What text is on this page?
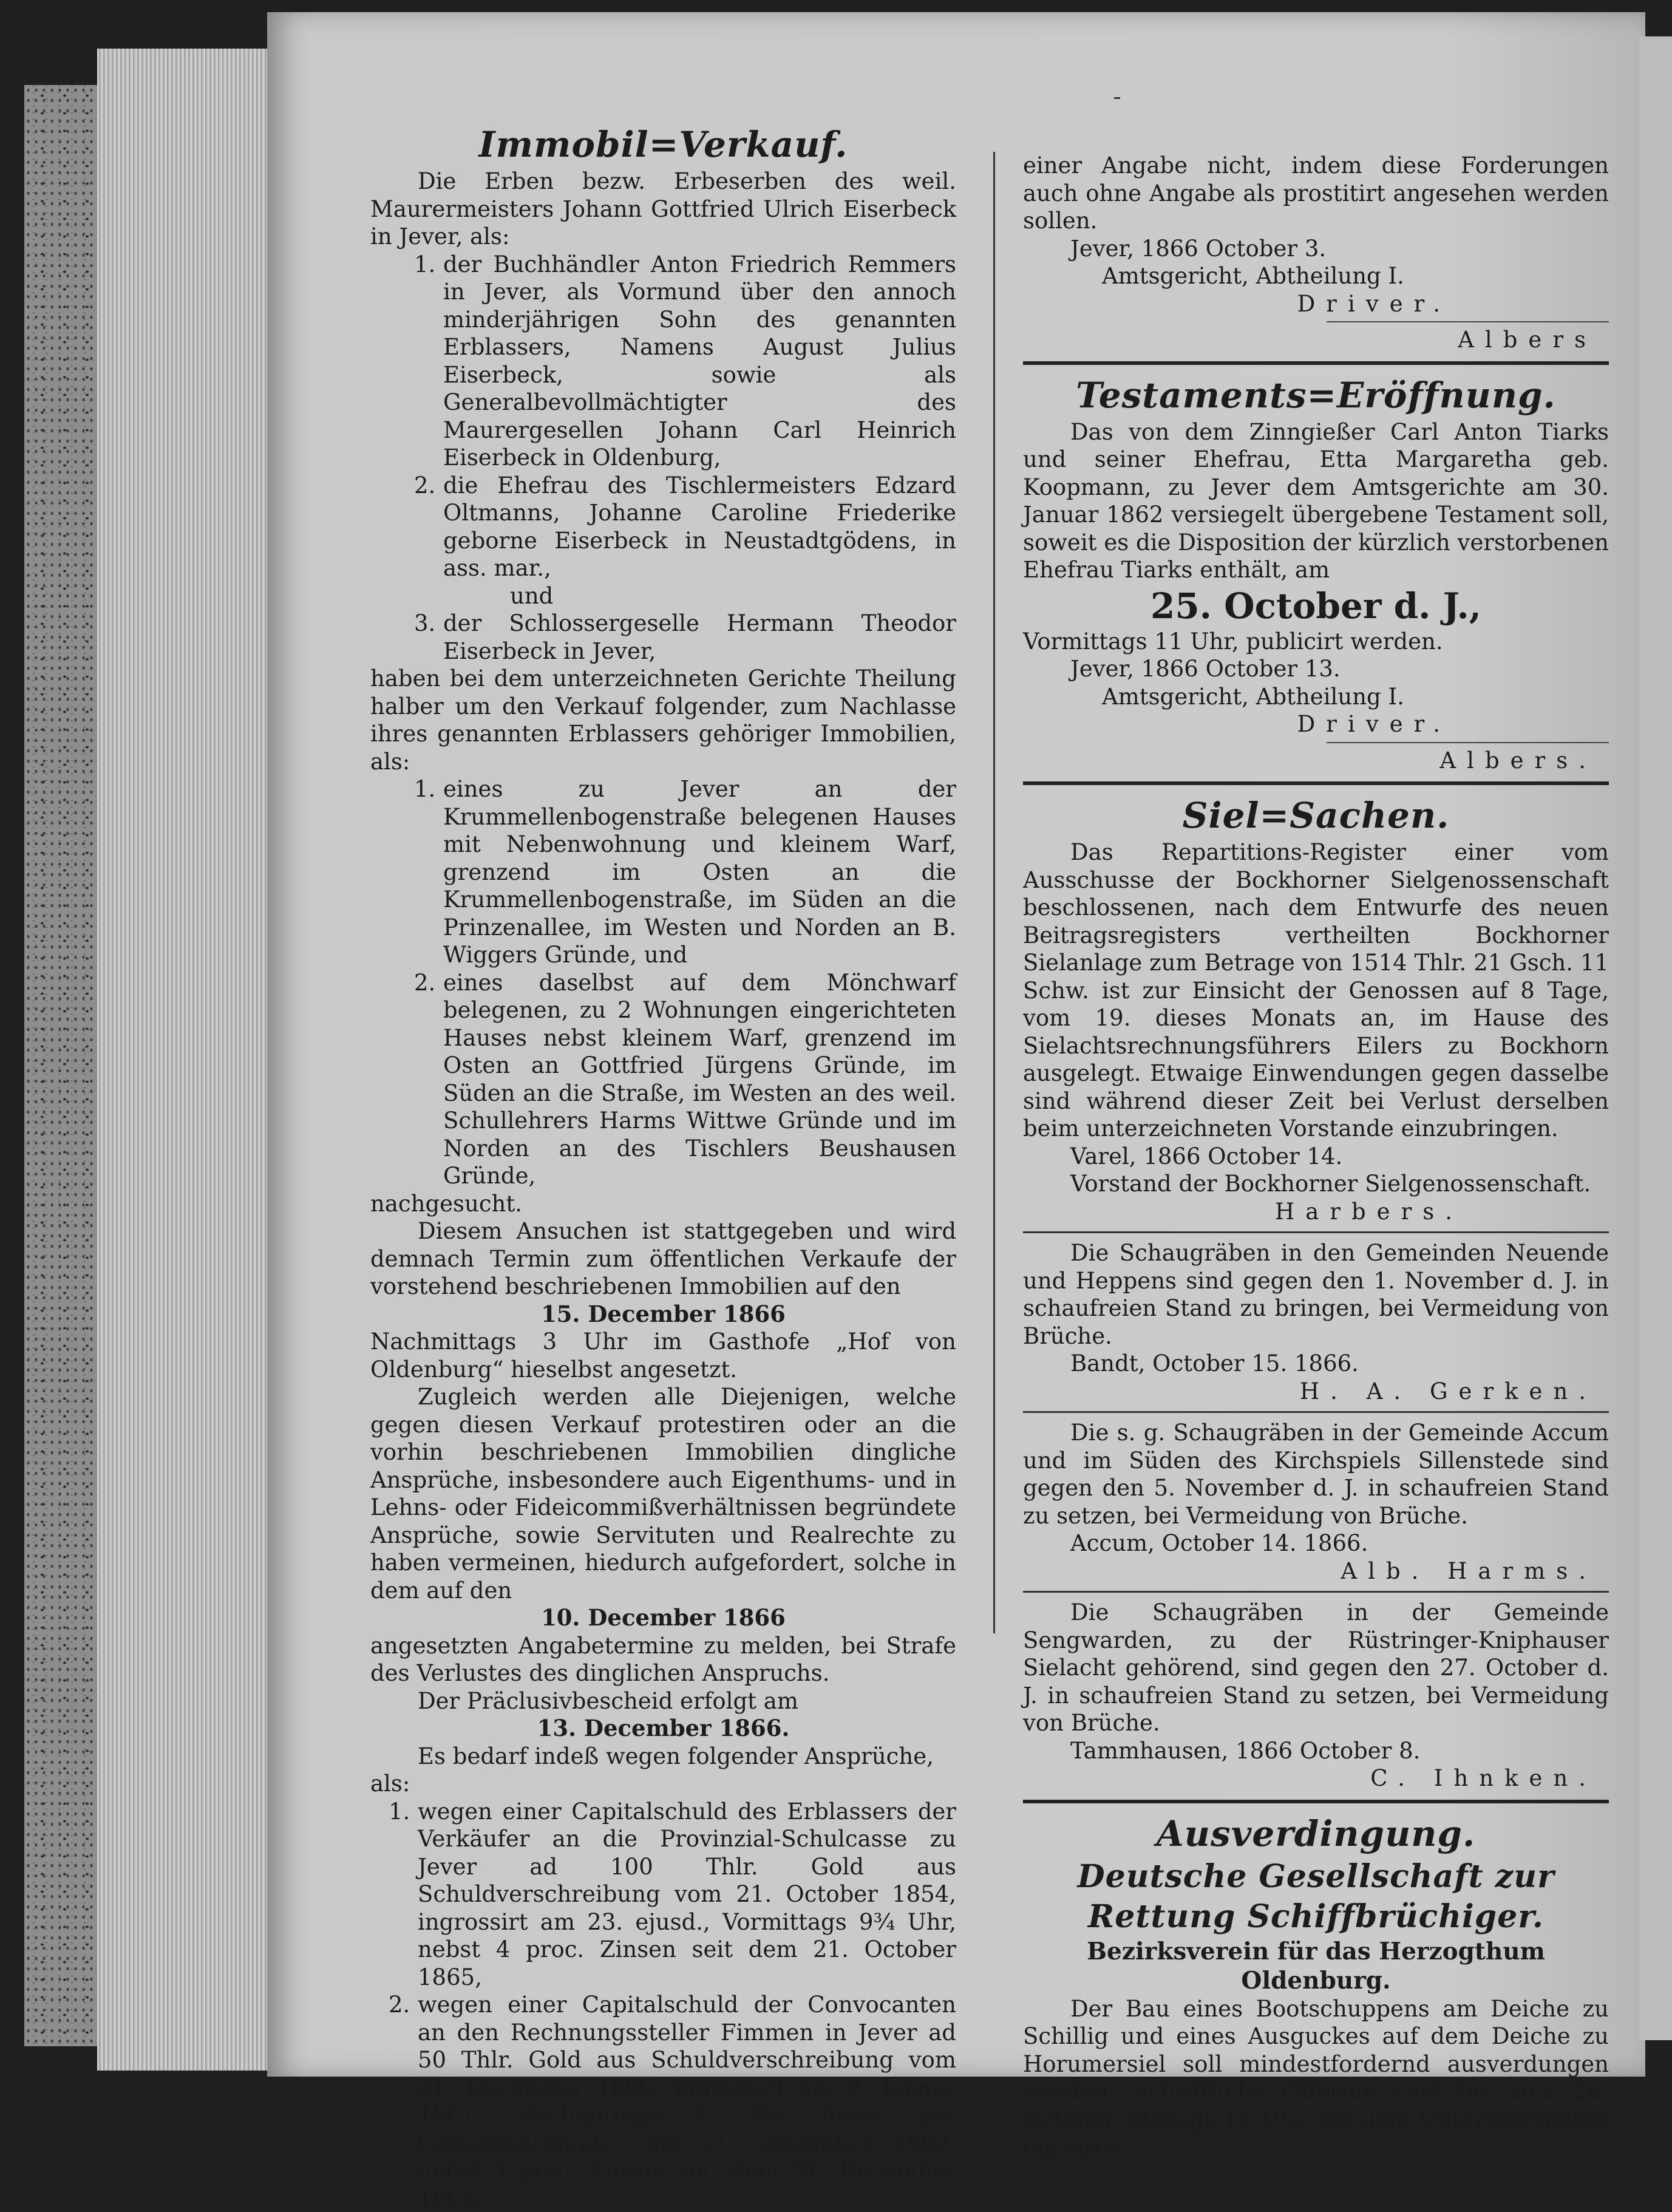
Immobil=Verkauf.

Die Erben bezw. Erbeserben des weil. Maurermeisters Johann Gottfried Ulrich Eiserbeck in Jever, als:

1. der Buchhändler Anton Friedrich Remmers in Jever, als Vormund über den annoch minderjährigen Sohn des genannten Erblassers, Namens August Julius Eiserbeck, sowie als Generalbevollmächtigter des Maurergesellen Johann Carl Heinrich Eiserbeck in Oldenburg,

2. die Ehefrau des Tischlermeisters Edzard Oltmanns, Johanne Caroline Friederike geborne Eiserbeck in Neustadtgödens, in ass. mar.,

und

3. der Schlossergeselle Hermann Theodor Eiserbeck in Jever,

haben bei dem unterzeichneten Gerichte Theilung halber um den Verkauf folgender, zum Nachlasse ihres genannten Erblassers gehöriger Immobilien, als:

1. eines zu Jever an der Krummellenbogenstraße belegenen Hauses mit Nebenwohnung und kleinem Warf, grenzend im Osten an die Krummellenbogenstraße, im Süden an die Prinzenallee, im Westen und Norden an B. Wiggers Gründe, und

2. eines daselbst auf dem Mönchwarf belegenen, zu 2 Wohnungen eingerichteten Hauses nebst kleinem Warf, grenzend im Osten an Gottfried Jürgens Gründe, im Süden an die Straße, im Westen an des weil. Schullehrers Harms Wittwe Gründe und im Norden an des Tischlers Beushausen Gründe,

nachgesucht.

Diesem Ansuchen ist stattgegeben und wird demnach Termin zum öffentlichen Verkaufe der vorstehend beschriebenen Immobilien auf den

15. December 1866

Nachmittags 3 Uhr im Gasthofe „Hof von Oldenburg“ hieselbst angesetzt.

Zugleich werden alle Diejenigen, welche gegen diesen Verkauf protestiren oder an die vorhin beschriebenen Immobilien dingliche Ansprüche, insbesondere auch Eigenthums- und in Lehns- oder Fideicommißverhältnissen begründete Ansprüche, sowie Servituten und Realrechte zu haben vermeinen, hiedurch aufgefordert, solche in dem auf den

10. December 1866

angesetzten Angabetermine zu melden, bei Strafe des Verlustes des dinglichen Anspruchs.

Der Präclusivbescheid erfolgt am

13. December 1866.

Es bedarf indeß wegen folgender Ansprüche, als:

1. wegen einer Capitalschuld des Erblassers der Verkäufer an die Provinzial-Schulcasse zu Jever ad 100 Thlr. Gold aus Schuldverschreibung vom 21. October 1854, ingrossirt am 23. ejusd., Vormittags 9¾ Uhr, nebst 4 proc. Zinsen seit dem 21. October 1865,

2. wegen einer Capitalschuld der Convocanten an den Rechnungssteller Fimmen in Jever ad 50 Thlr. Gold aus Schuldverschreibung vom 31. December 1860, ingrossirt am 9. Januar 1861, Nachmittags 4 Uhr, bezw. aus Cessionsurkunde vom 21. December 1863, nebst 5 proc. Zinsen seit dem 31. December 1865,

einer Angabe nicht, indem diese Forderungen auch ohne Angabe als prostitirt angesehen werden sollen.

Jever, 1866 October 3.

Amtsgericht, Abtheilung I.

Driver.

Albers

Testaments=Eröffnung.

Das von dem Zinngießer Carl Anton Tiarks und seiner Ehefrau, Etta Margaretha geb. Koopmann, zu Jever dem Amtsgerichte am 30. Januar 1862 versiegelt übergebene Testament soll, soweit es die Disposition der kürzlich verstorbenen Ehefrau Tiarks enthält, am

25. October d. J.,

Vormittags 11 Uhr, publicirt werden.

Jever, 1866 October 13.

Amtsgericht, Abtheilung I.

Driver.

Albers.

Siel=Sachen.

Das Repartitions-Register einer vom Ausschusse der Bockhorner Sielgenossenschaft beschlossenen, nach dem Entwurfe des neuen Beitragsregisters vertheilten Bockhorner Sielanlage zum Betrage von 1514 Thlr. 21 Gsch. 11 Schw. ist zur Einsicht der Genossen auf 8 Tage, vom 19. dieses Monats an, im Hause des Sielachtsrechnungsführers Eilers zu Bockhorn ausgelegt. Etwaige Einwendungen gegen dasselbe sind während dieser Zeit bei Verlust derselben beim unterzeichneten Vorstande einzubringen.

Varel, 1866 October 14.

Vorstand der Bockhorner Sielgenossenschaft.

Harbers.

Die Schaugräben in den Gemeinden Neuende und Heppens sind gegen den 1. November d. J. in schaufreien Stand zu bringen, bei Vermeidung von Brüche.

Bandt, October 15. 1866.

H. A. Gerken.

Die s. g. Schaugräben in der Gemeinde Accum und im Süden des Kirchspiels Sillenstede sind gegen den 5. November d. J. in schaufreien Stand zu setzen, bei Vermeidung von Brüche.

Accum, October 14. 1866.

Alb. Harms.

Die Schaugräben in der Gemeinde Sengwarden, zu der Rüstringer-Kniphauser Sielacht gehörend, sind gegen den 27. October d. J. in schaufreien Stand zu setzen, bei Vermeidung von Brüche.

Tammhausen, 1866 October 8.

C. Ihnken.

Ausverdingung.
Deutsche Gesellschaft zur Rettung Schiffbrüchiger.

Bezirksverein für das Herzogthum Oldenburg.

Der Bau eines Bootschuppens am Deiche zu Schillig und eines Ausguckes auf dem Deiche zu Horumersiel soll mindestfordernd ausverdungen werden. Schriftliche Offerten sind bis zum 26. October, Mittags 12 Uhr, bei dem Unterzeichneten einzurei-
